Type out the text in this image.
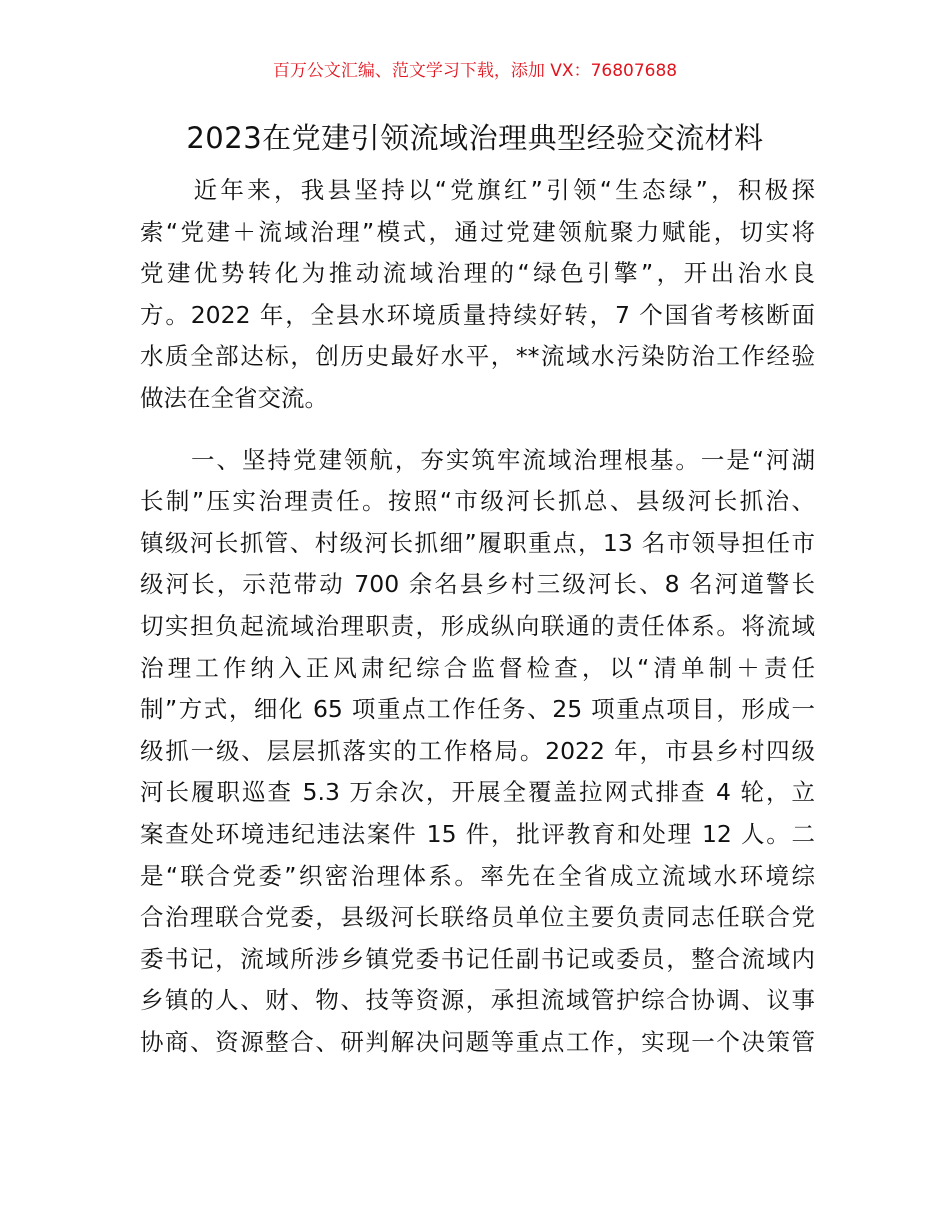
百万公文汇编、范文学习下载，添加 VX：76807688
2023在党建引领流域治理典型经验交流材料
　　近年来，我县坚持以“党旗红”引领“生态绿”，积极探
索“党建＋流域治理”模式，通过党建领航聚力赋能，切实将
党建优势转化为推动流域治理的“绿色引擎”，开出治水良
方。2022 年，全县水环境质量持续好转，7 个国省考核断面
水质全部达标，创历史最好水平，**流域水污染防治工作经验
做法在全省交流。
　　一、坚持党建领航，夯实筑牢流域治理根基。一是“河湖
长制”压实治理责任。按照“市级河长抓总、县级河长抓治、
镇级河长抓管、村级河长抓细”履职重点，13 名市领导担任市
级河长，示范带动 700 余名县乡村三级河长、8 名河道警长
切实担负起流域治理职责，形成纵向联通的责任体系。将流域
治理工作纳入正风肃纪综合监督检查，以“清单制＋责任
制”方式，细化 65 项重点工作任务、25 项重点项目，形成一
级抓一级、层层抓落实的工作格局。2022 年，市县乡村四级
河长履职巡查 5.3 万余次，开展全覆盖拉网式排查 4 轮，立
案查处环境违纪违法案件 15 件，批评教育和处理 12 人。二
是“联合党委”织密治理体系。率先在全省成立流域水环境综
合治理联合党委，县级河长联络员单位主要负责同志任联合党
委书记，流域所涉乡镇党委书记任副书记或委员，整合流域内
乡镇的人、财、物、技等资源，承担流域管护综合协调、议事
协商、资源整合、研判解决问题等重点工作，实现一个决策管
